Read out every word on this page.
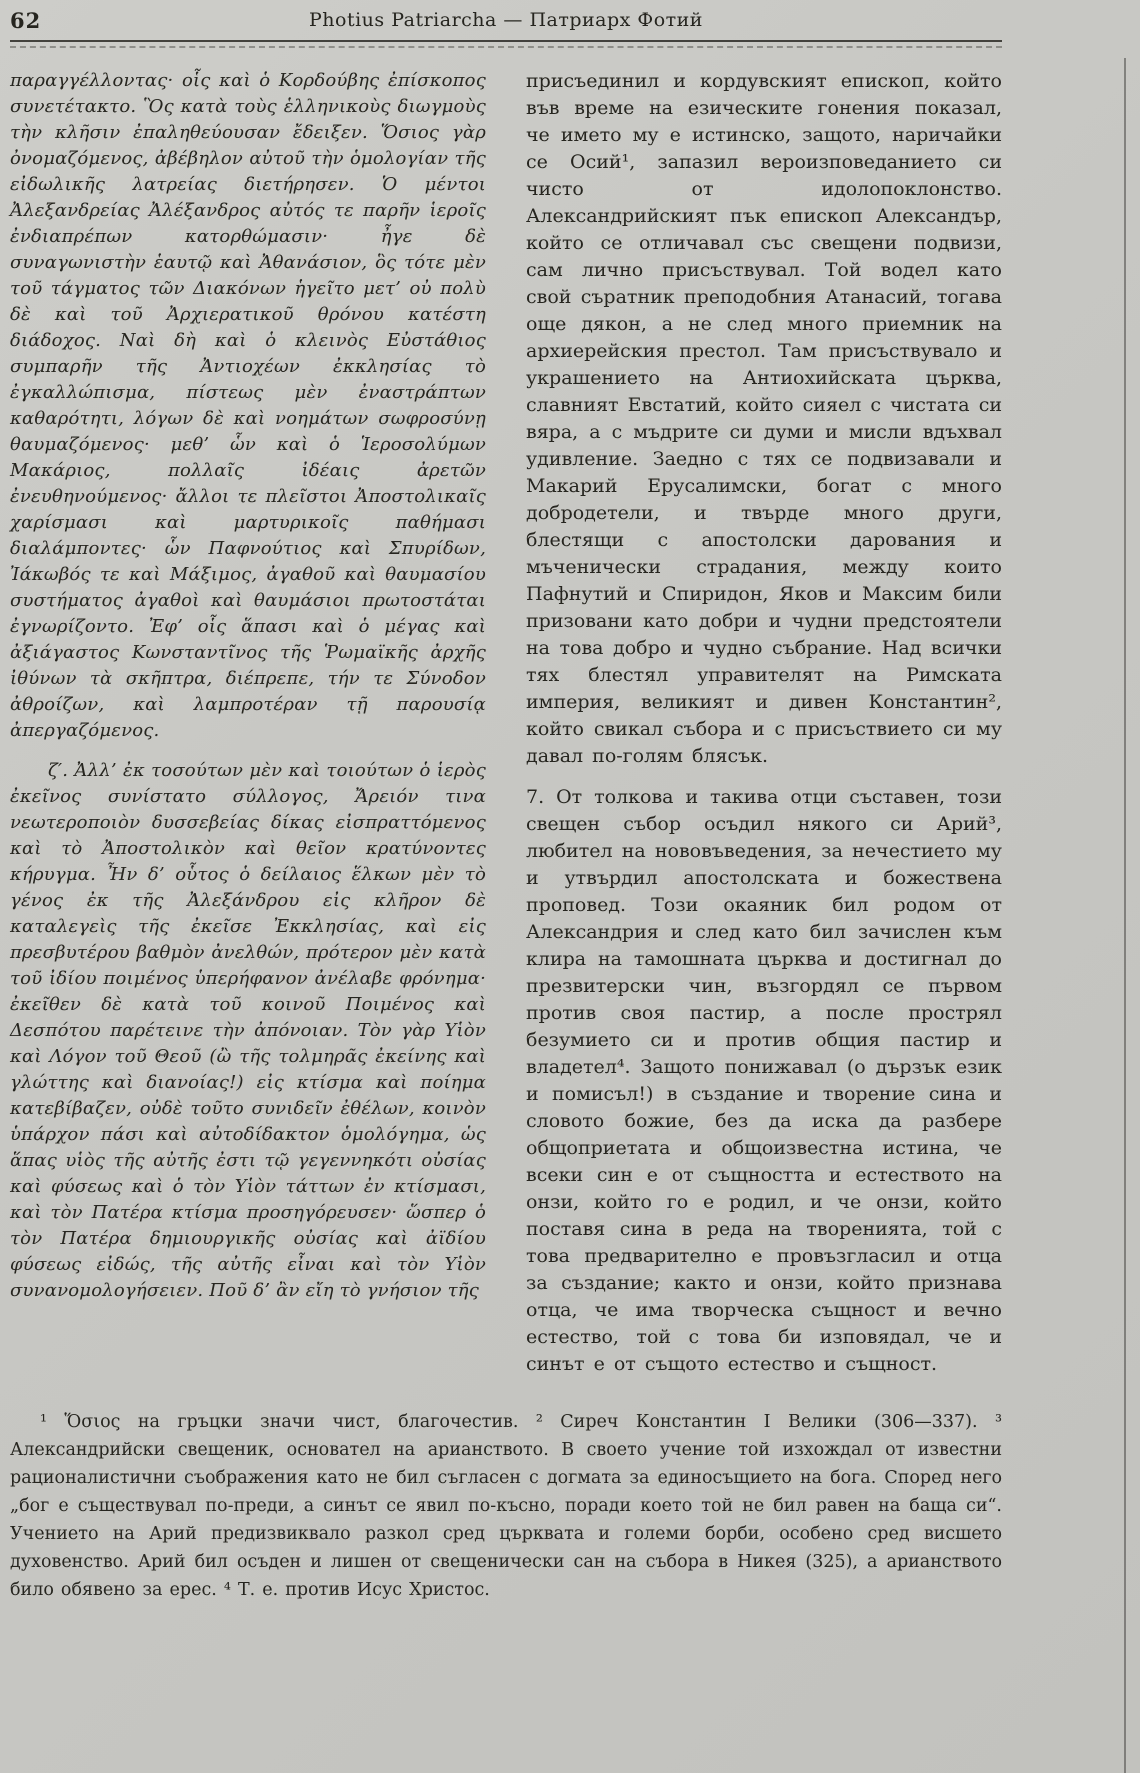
62	Photius Patriarcha — Патриарх Фотий

παραγγέλλοντας· οἷς καὶ ὁ Κορδούβης ἐπίσκοπος συνετέτακτο. Ὃς κατὰ τοὺς ἑλληνικοὺς διωγμοὺς τὴν κλῆσιν ἐπαληθεύουσαν ἔδειξεν. Ὅσιος γὰρ ὀνομαζόμενος, ἀβέβηλον αὐτοῦ τὴν ὁμολογίαν τῆς εἰδωλικῆς λατρείας διετήρησεν. Ὁ μέντοι Ἀλεξανδρείας Ἀλέξανδρος αὐτός τε παρῆν ἱεροῖς ἐνδιαπρέπων κατορθώμασιν· ἦγε δὲ συναγωνιστὴν ἑαυτῷ καὶ Ἀθανάσιον, ὃς τότε μὲν τοῦ τάγματος τῶν Διακόνων ἡγεῖτο μετ’ οὐ πολὺ δὲ καὶ τοῦ Ἀρχιερατικοῦ θρόνου κατέστη διάδοχος. Ναὶ δὴ καὶ ὁ κλεινὸς Εὐστάθιος συμπαρῆν τῆς Ἀντιοχέων ἐκκλησίας τὸ ἐγκαλλώπισμα, πίστεως μὲν ἐναστράπτων καθαρότητι, λόγων δὲ καὶ νοημάτων σωφροσύνῃ θαυμαζόμενος· μεθ’ ὧν καὶ ὁ Ἱεροσολύμων Μακάριος, πολλαῖς ἰδέαις ἀρετῶν ἐνευθηνούμενος· ἄλλοι τε πλεῖστοι Ἀποστολικαῖς χαρίσμασι καὶ μαρτυρικοῖς παθήμασι διαλάμποντες· ὧν Παφνούτιος καὶ Σπυρίδων, Ἰάκωβός τε καὶ Μάξιμος, ἀγαθοῦ καὶ θαυμασίου συστήματος ἀγαθοὶ καὶ θαυμάσιοι πρωτοστάται ἐγνωρίζοντο. Ἐφ’ οἷς ἅπασι καὶ ὁ μέγας καὶ ἀξιάγαστος Κωνσταντῖνος τῆς Ῥωμαϊκῆς ἀρχῆς ἰθύνων τὰ σκῆπτρα, διέπρεπε, τήν τε Σύνοδον ἀθροίζων, καὶ λαμπροτέραν τῇ παρουσίᾳ ἀπεργαζόμενος.

ζ′. Ἀλλ’ ἐκ τοσούτων μὲν καὶ τοιούτων ὁ ἱερὸς ἐκεῖνος συνίστατο σύλλογος, Ἄρειόν τινα νεωτεροποιὸν δυσσεβείας δίκας εἰσπραττόμενος καὶ τὸ Ἀποστολικὸν καὶ θεῖον κρατύνοντες κήρυγμα. Ἦν δ’ οὗτος ὁ δείλαιος ἕλκων μὲν τὸ γένος ἐκ τῆς Ἀλεξάνδρου εἰς κλῆρον δὲ καταλεγεὶς τῆς ἐκεῖσε Ἐκκλησίας, καὶ εἰς πρεσβυτέρου βαθμὸν ἀνελθών, πρότερον μὲν κατὰ τοῦ ἰδίου ποιμένος ὑπερήφανον ἀνέλαβε φρόνημα· ἐκεῖθεν δὲ κατὰ τοῦ κοινοῦ Ποιμένος καὶ Δεσπότου παρέτεινε τὴν ἀπόνοιαν. Τὸν γὰρ Υἱὸν καὶ Λόγον τοῦ Θεοῦ (ὢ τῆς τολμηρᾶς ἐκείνης καὶ γλώττης καὶ διανοίας!) εἰς κτίσμα καὶ ποίημα κατεβίβαζεν, οὐδὲ τοῦτο συνιδεῖν ἐθέλων, κοινὸν ὑπάρχον πάσι καὶ αὐτοδίδακτον ὁμολόγημα, ὡς ἅπας υἱὸς τῆς αὐτῆς ἐστι τῷ γεγεννηκότι οὐσίας καὶ φύσεως καὶ ὁ τὸν Υἱὸν τάττων ἐν κτίσμασι, καὶ τὸν Πατέρα κτίσμα προσηγόρευσεν· ὥσπερ ὁ τὸν Πατέρα δημιουργικῆς οὐσίας καὶ ἀϊδίου φύσεως εἰδώς, τῆς αὐτῆς εἶναι καὶ τὸν Υἱὸν συνανομολογήσειεν. Ποῦ δ’ ἂν εἴη τὸ γνήσιον τῆς

присъединил и кордувският епископ, който във време на езическите гонения показал, че името му е истинско, защото, наричайки се Осий¹, запазил вероизповеданието си чисто от идолопоклонство. Александрийският пък епископ Александър, който се отличавал със свещени подвизи, сам лично присъствувал. Той водел като свой съратник преподобния Атанасий, тогава още дякон, а не след много приемник на архиерейския престол. Там присъствувало и украшението на Антиохийската църква, славният Евстатий, който сияел с чистата си вяра, а с мъдрите си думи и мисли вдъхвал удивление. Заедно с тях се подвизавали и Макарий Ерусалимски, богат с много добродетели, и твърде много други, блестящи с апостолски дарования и мъченически страдания, между които Пафнутий и Спиридон, Яков и Максим били призовани като добри и чудни предстоятели на това добро и чудно събрание. Над всички тях блестял управителят на Римската империя, великият и дивен Константин², който свикал събора и с присъствието си му давал по-голям блясък.

7. От толкова и такива отци съставен, този свещен събор осъдил някого си Арий³, любител на нововъведения, за нечестието му и утвърдил апостолската и божествена проповед. Този окаяник бил родом от Александрия и след като бил зачислен към клира на тамошната църква и достигнал до презвитерски чин, възгордял се първом против своя пастир, а после прострял безумието си и против общия пастир и владетел⁴. Защото понижавал (о дързък език и помисъл!) в създание и творение сина и словото божие, без да иска да разбере общоприетата и общоизвестна истина, че всеки син е от същността и естеството на онзи, който го е родил, и че онзи, който поставя сина в реда на творенията, той с това предварително е провъзгласил и отца за създание; както и онзи, който признава отца, че има творческа същност и вечно естество, той с това би изповядал, че и синът е от същото естество и същност.

¹ Ὅσιος на гръцки значи чист, благочестив. ² Сиреч Константин I Велики (306—337). ³ Александрийски свещеник, основател на арианството. В своето учение той изхождал от известни рационалистични съображения като не бил съгласен с догмата за единосъщието на бога. Според него „бог е съществувал по-преди, а синът се явил по-късно, поради което той не бил равен на баща си“. Учението на Арий предизвиквало разкол сред църквата и големи борби, особено сред висшето духовенство. Арий бил осъден и лишен от свещенически сан на събора в Никея (325), а арианството било обявено за ерес. ⁴ Т. е. против Исус Христос.
